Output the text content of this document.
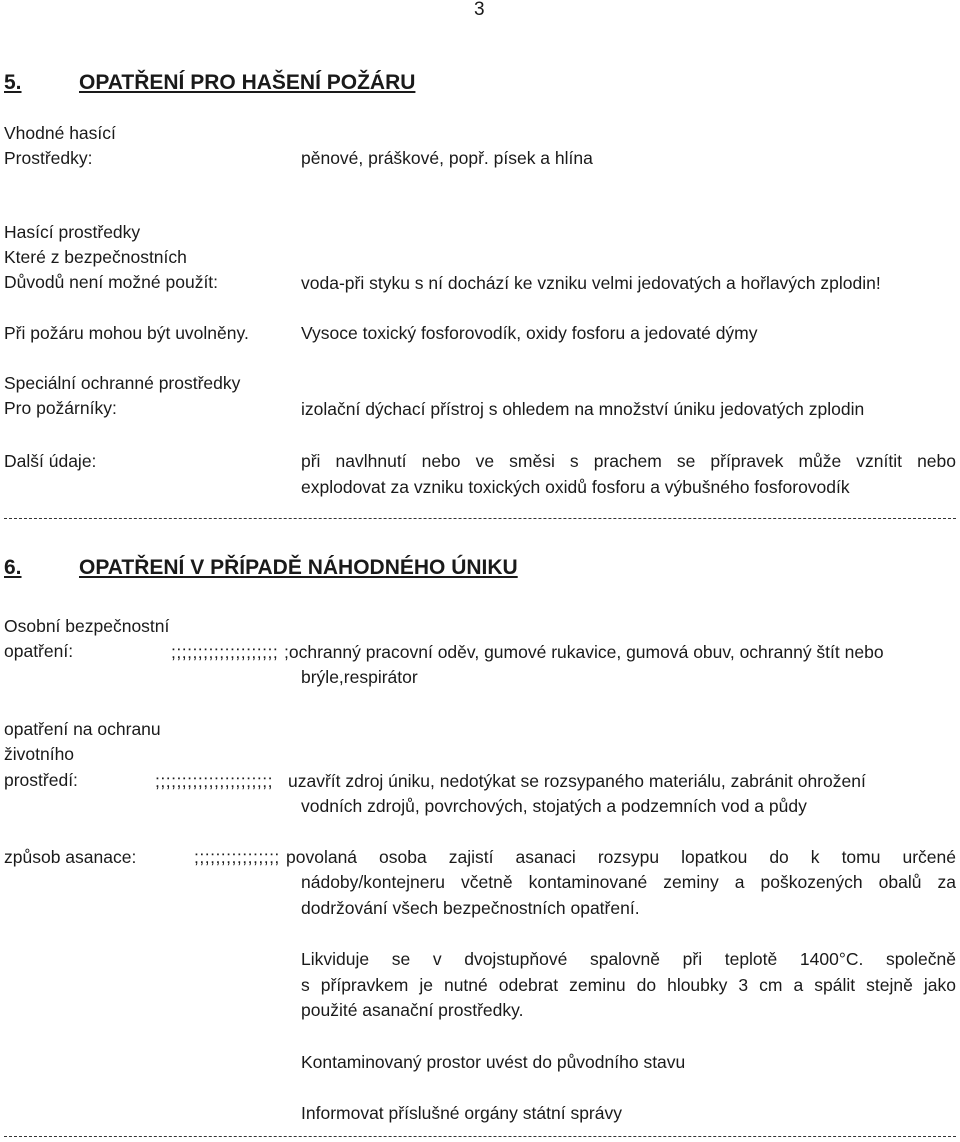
3
5.	OPATŘENÍ PRO HAŠENÍ POŽÁRU
Vhodné hasící
Prostředky:	pěnové, práškové, popř. písek a hlína
Hasící prostředky
Které z bezpečnostních
Důvodů není možné použít:	voda-při styku s ní dochází ke vzniku velmi jedovatých a hořlavých zplodin!
Při požáru mohou být uvolněny.	Vysoce toxický fosforovodík, oxidy fosforu a jedovaté dýmy
Speciální ochranné prostředky
Pro požárníky:	izolační dýchací přístroj s ohledem na množství úniku jedovatých zplodin
Další údaje:	při navlhnutí nebo ve směsi s prachem se přípravek může vznítit nebo
explodovat za vzniku toxických oxidů fosforu a výbušného fosforovodík
6.	OPATŘENÍ V PŘÍPADĚ NÁHODNÉHO ÚNIKU
Osobní bezpečnostní
opatření:	;;;;;;;;;;;;;;;;;;;; ;ochranný pracovní oděv, gumové rukavice, gumová obuv, ochranný štít nebo
brýle,respirátor
opatření na ochranu
životního
prostředí:	;;;;;;;;;;;;;;;;;;;;;; uzavřít zdroj úniku, nedotýkat se rozsypaného materiálu, zabránit ohrožení
vodních zdrojů, povrchových, stojatých a podzemních vod a půdy
způsob asanace:	;;;;;;;;;;;;;;;; povolaná osoba zajistí asanaci rozsypu lopatkou do k tomu určené
nádoby/kontejneru včetně kontaminované zeminy a poškozených obalů za
dodržování všech bezpečnostních opatření.
Likviduje se v dvojstupňové spalovně při teplotě 1400°C. společně
s přípravkem je nutné odebrat zeminu do hloubky 3 cm a spálit stejně jako
použité asanační prostředky.
Kontaminovaný prostor uvést do původního stavu
Informovat příslušné orgány státní správy
